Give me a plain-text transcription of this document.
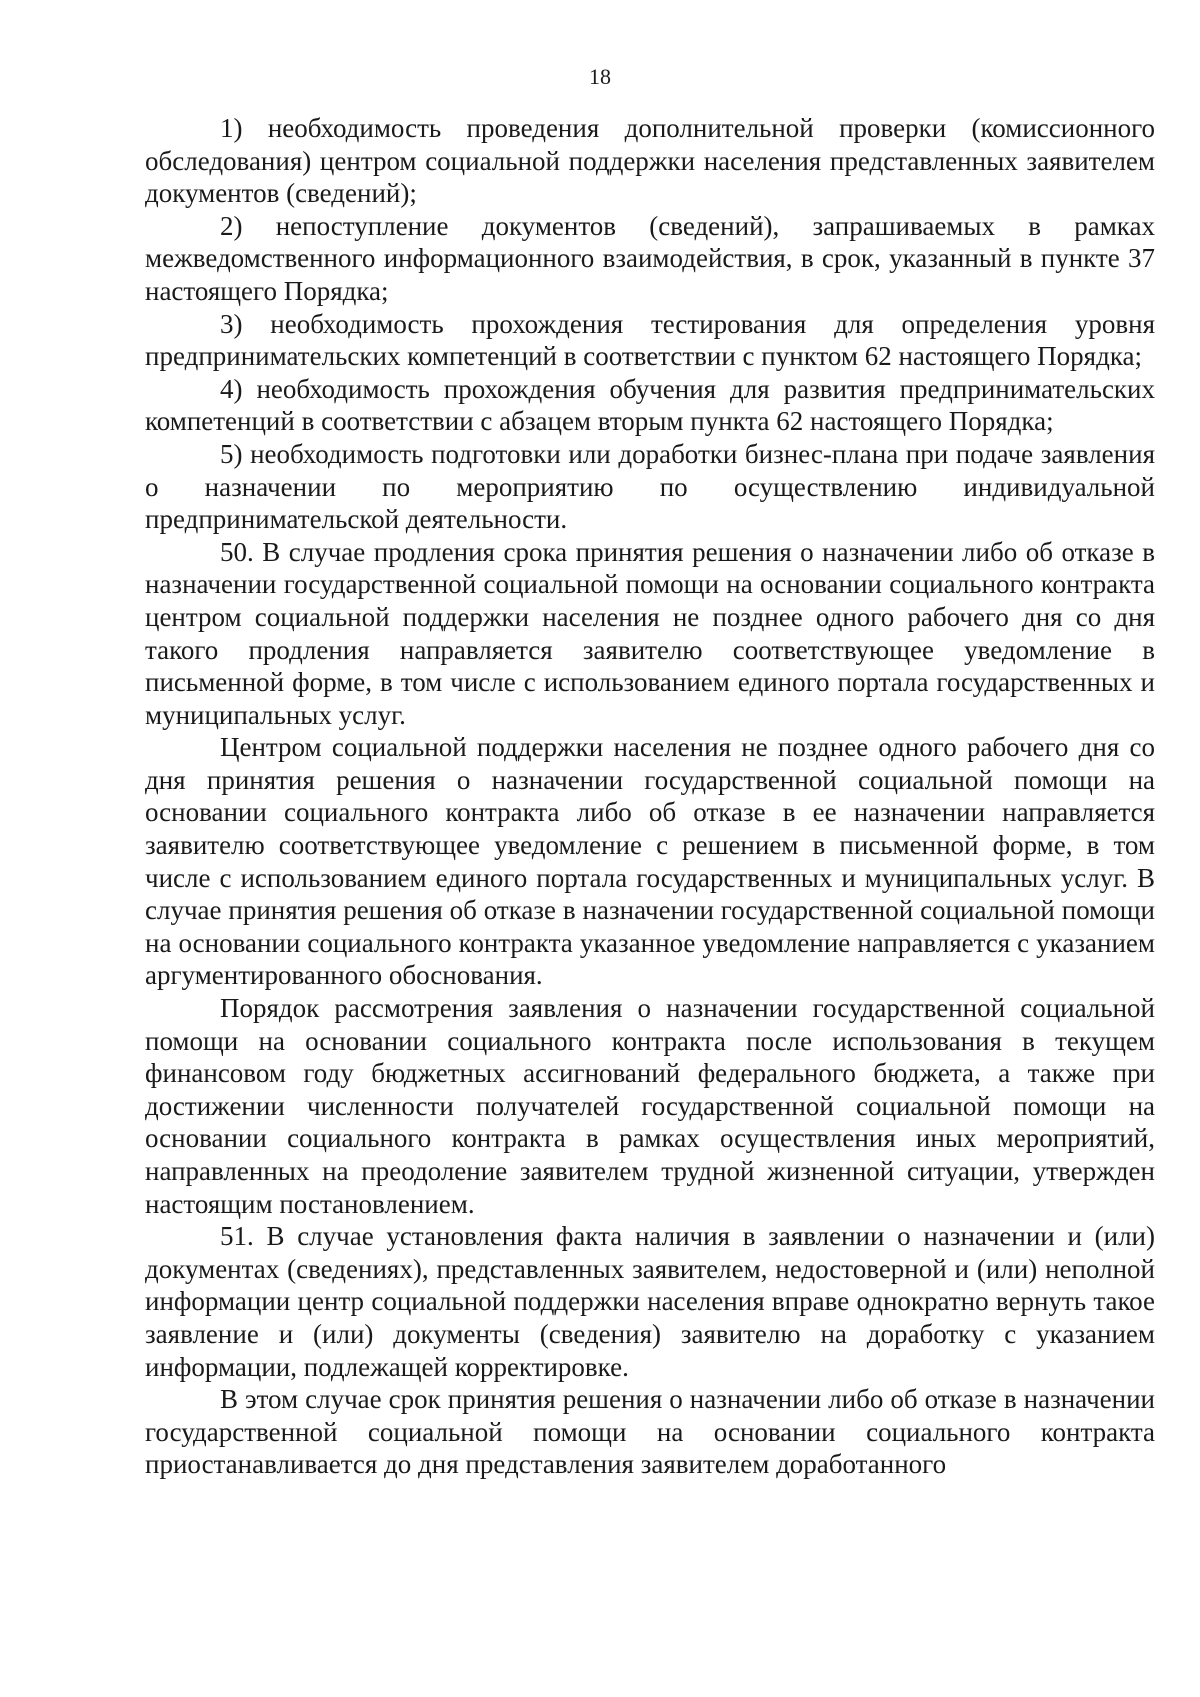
18

1) необходимость проведения дополнительной проверки (комиссионного обследования) центром социальной поддержки населения представленных заявителем документов (сведений);

2) непоступление документов (сведений), запрашиваемых в рамках межведомственного информационного взаимодействия, в срок, указанный в пункте 37 настоящего Порядка;

3) необходимость прохождения тестирования для определения уровня предпринимательских компетенций в соответствии с пунктом 62 настоящего Порядка;

4) необходимость прохождения обучения для развития предпринимательских компетенций в соответствии с абзацем вторым пункта 62 настоящего Порядка;

5) необходимость подготовки или доработки бизнес-плана при подаче заявления о назначении по мероприятию по осуществлению индивидуальной предпринимательской деятельности.

50. В случае продления срока принятия решения о назначении либо об отказе в назначении государственной социальной помощи на основании социального контракта центром социальной поддержки населения не позднее одного рабочего дня со дня такого продления направляется заявителю соответствующее уведомление в письменной форме, в том числе с использованием единого портала государственных и муниципальных услуг.

Центром социальной поддержки населения не позднее одного рабочего дня со дня принятия решения о назначении государственной социальной помощи на основании социального контракта либо об отказе в ее назначении направляется заявителю соответствующее уведомление с решением в письменной форме, в том числе с использованием единого портала государственных и муниципальных услуг. В случае принятия решения об отказе в назначении государственной социальной помощи на основании социального контракта указанное уведомление направляется с указанием аргументированного обоснования.

Порядок рассмотрения заявления о назначении государственной социальной помощи на основании социального контракта после использования в текущем финансовом году бюджетных ассигнований федерального бюджета, а также при достижении численности получателей государственной социальной помощи на основании социального контракта в рамках осуществления иных мероприятий, направленных на преодоление заявителем трудной жизненной ситуации, утвержден настоящим постановлением.

51. В случае установления факта наличия в заявлении о назначении и (или) документах (сведениях), представленных заявителем, недостоверной и (или) неполной информации центр социальной поддержки населения вправе однократно вернуть такое заявление и (или) документы (сведения) заявителю на доработку с указанием информации, подлежащей корректировке.

В этом случае срок принятия решения о назначении либо об отказе в назначении государственной социальной помощи на основании социального контракта приостанавливается до дня представления заявителем доработанного
